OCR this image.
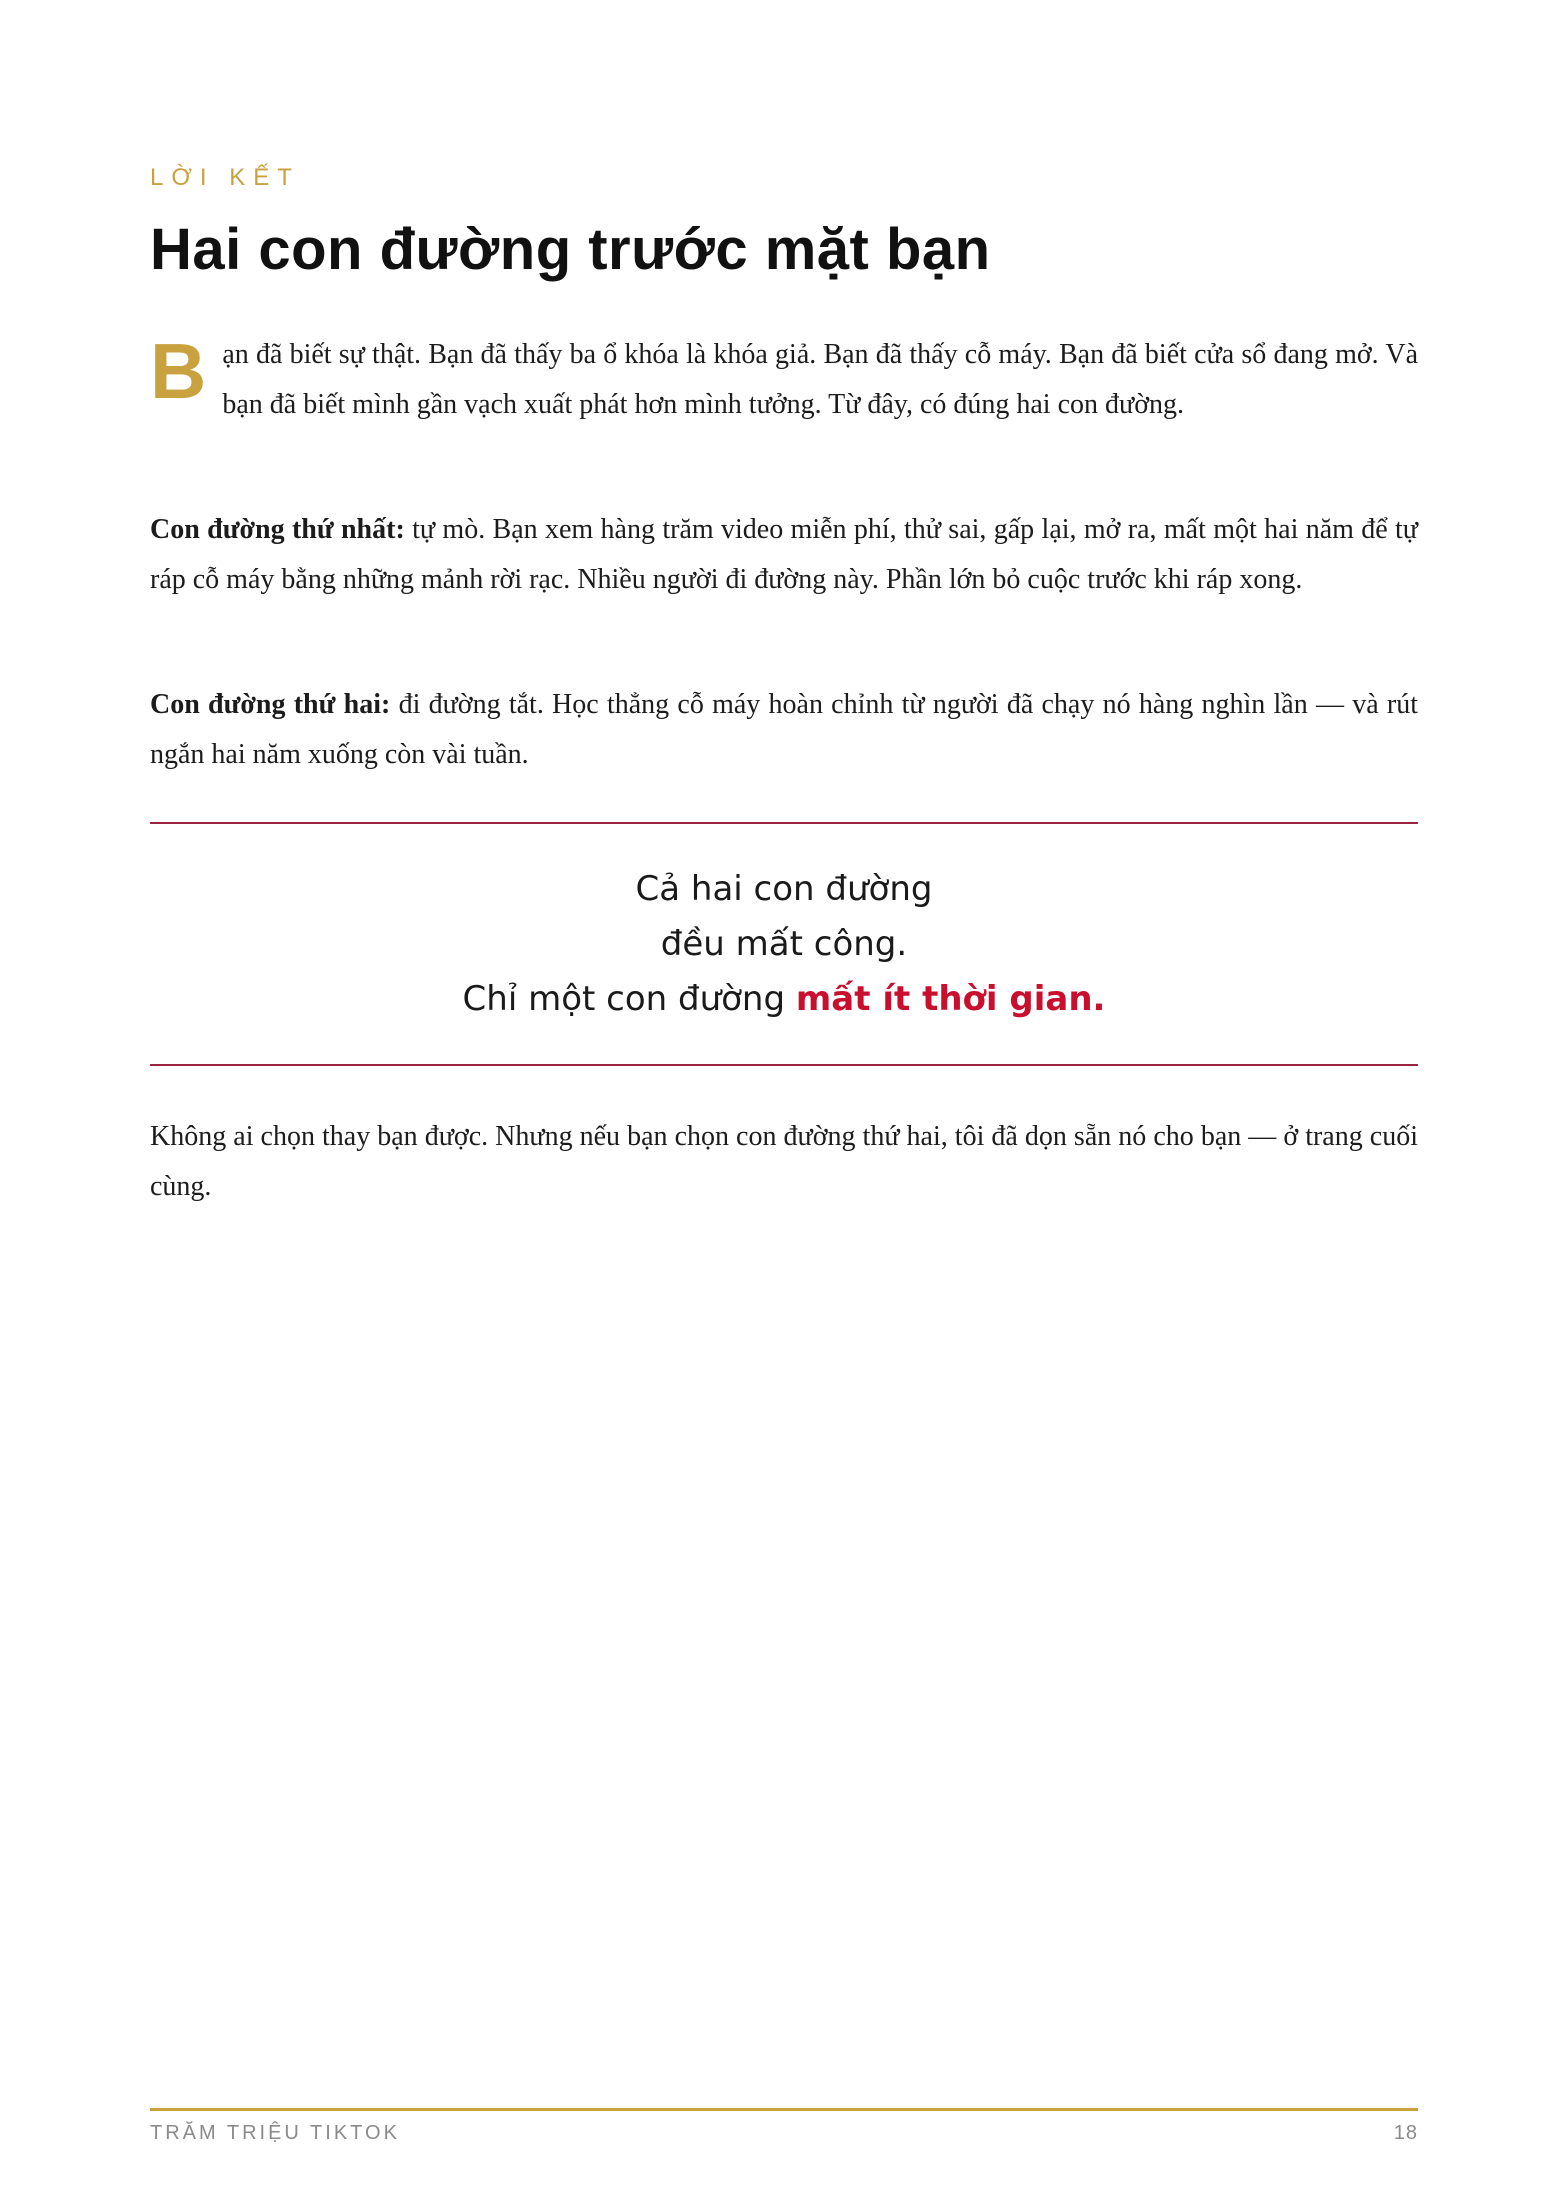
LỜI KẾT
Hai con đường trước mặt bạn

Bạn đã biết sự thật. Bạn đã thấy ba ổ khóa là khóa giả. Bạn đã thấy cỗ máy. Bạn đã biết cửa sổ đang mở. Và bạn đã biết mình gần vạch xuất phát hơn mình tưởng. Từ đây, có đúng hai con đường.

Con đường thứ nhất: tự mò. Bạn xem hàng trăm video miễn phí, thử sai, gấp lại, mở ra, mất một hai năm để tự ráp cỗ máy bằng những mảnh rời rạc. Nhiều người đi đường này. Phần lớn bỏ cuộc trước khi ráp xong.

Con đường thứ hai: đi đường tắt. Học thẳng cỗ máy hoàn chỉnh từ người đã chạy nó hàng nghìn lần — và rút ngắn hai năm xuống còn vài tuần.

Cả hai con đường
đều mất công.
Chỉ một con đường mất ít thời gian.

Không ai chọn thay bạn được. Nhưng nếu bạn chọn con đường thứ hai, tôi đã dọn sẵn nó cho bạn — ở trang cuối cùng.

TRĂM TRIỆU TIKTOK	18
